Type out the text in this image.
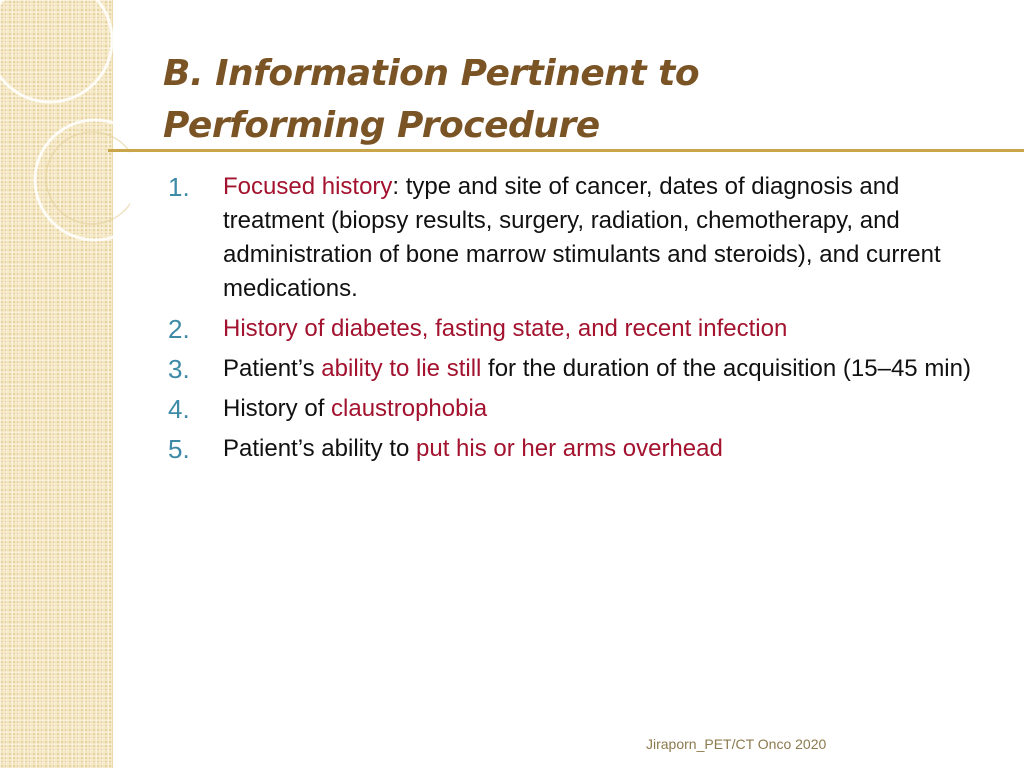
B. Information Pertinent to
Performing Procedure
1. Focused history: type and site of cancer, dates of diagnosis and treatment (biopsy results, surgery, radiation, chemotherapy, and administration of bone marrow stimulants and steroids), and current medications.
2. History of diabetes, fasting state, and recent infection
3. Patient’s ability to lie still for the duration of the acquisition (15–45 min)
4. History of claustrophobia
5. Patient’s ability to put his or her arms overhead
Jiraporn_PET/CT Onco 2020
